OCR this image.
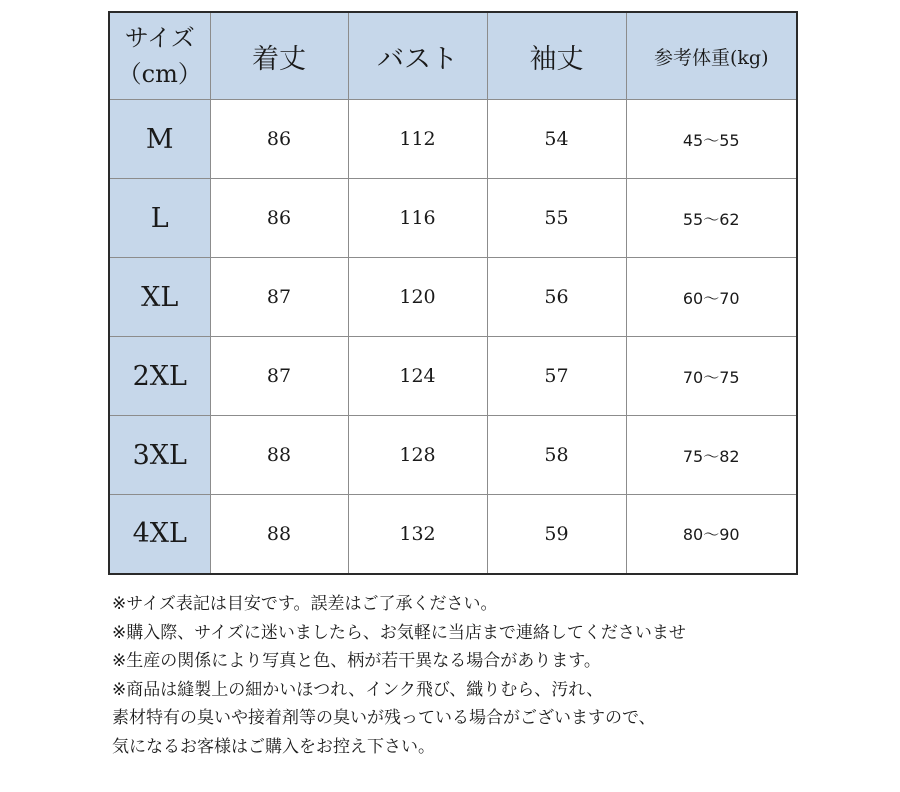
サイズ
（cm）	着丈	バスト	袖丈	参考体重(kg)
M	86	112	54	45～55
L	86	116	55	55～62
XL	87	120	56	60～70
2XL	87	124	57	70～75
3XL	88	128	58	75～82
4XL	88	132	59	80～90
※サイズ表記は目安です。誤差はご了承ください。
※購入際、サイズに迷いましたら、お気軽に当店まで連絡してくださいませ
※生産の関係により写真と色、柄が若干異なる場合があります。
※商品は縫製上の細かいほつれ、インク飛び、織りむら、汚れ、
素材特有の臭いや接着剤等の臭いが残っている場合がございますので、
気になるお客様はご購入をお控え下さい。
